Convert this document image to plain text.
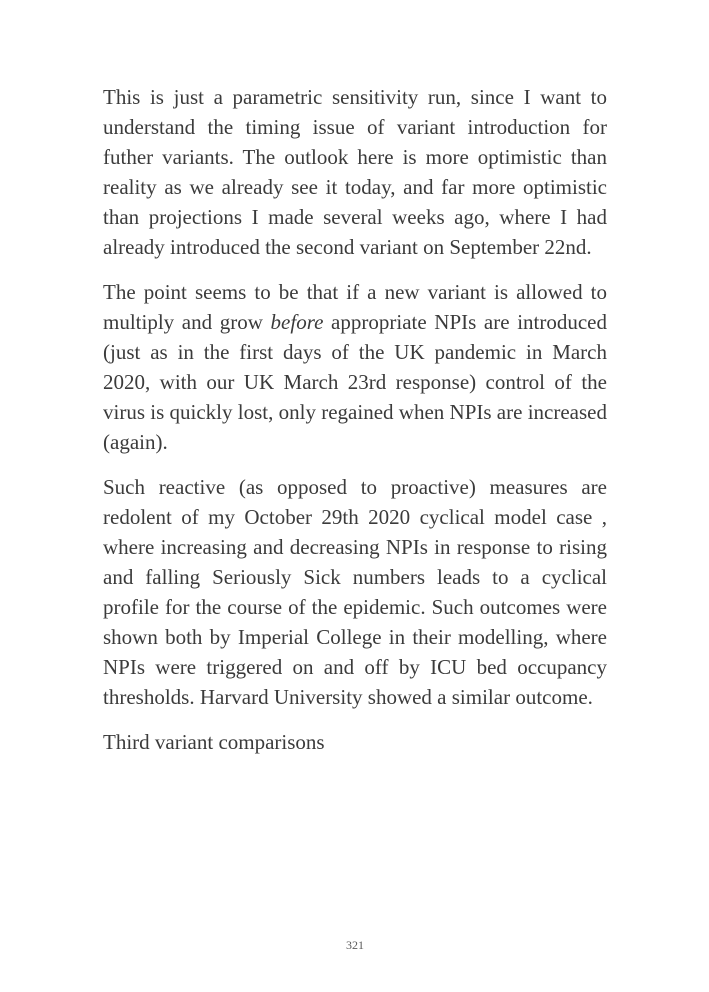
This is just a parametric sensitivity run, since I want to understand the timing issue of variant introduction for futher variants. The outlook here is more optimistic than reality as we already see it today, and far more optimistic than projections I made several weeks ago, where I had already introduced the second variant on September 22nd.

The point seems to be that if a new variant is allowed to multiply and grow before appropriate NPIs are introduced (just as in the first days of the UK pandemic in March 2020, with our UK March 23rd response) control of the virus is quickly lost, only regained when NPIs are increased (again).

Such reactive (as opposed to proactive) measures are redolent of my October 29th 2020 cyclical model case , where increasing and decreasing NPIs in response to rising and falling Seriously Sick numbers leads to a cyclical profile for the course of the epidemic. Such outcomes were shown both by Imperial College in their modelling, where NPIs were triggered on and off by ICU bed occupancy thresholds. Harvard University showed a similar outcome.

Third variant comparisons

321
